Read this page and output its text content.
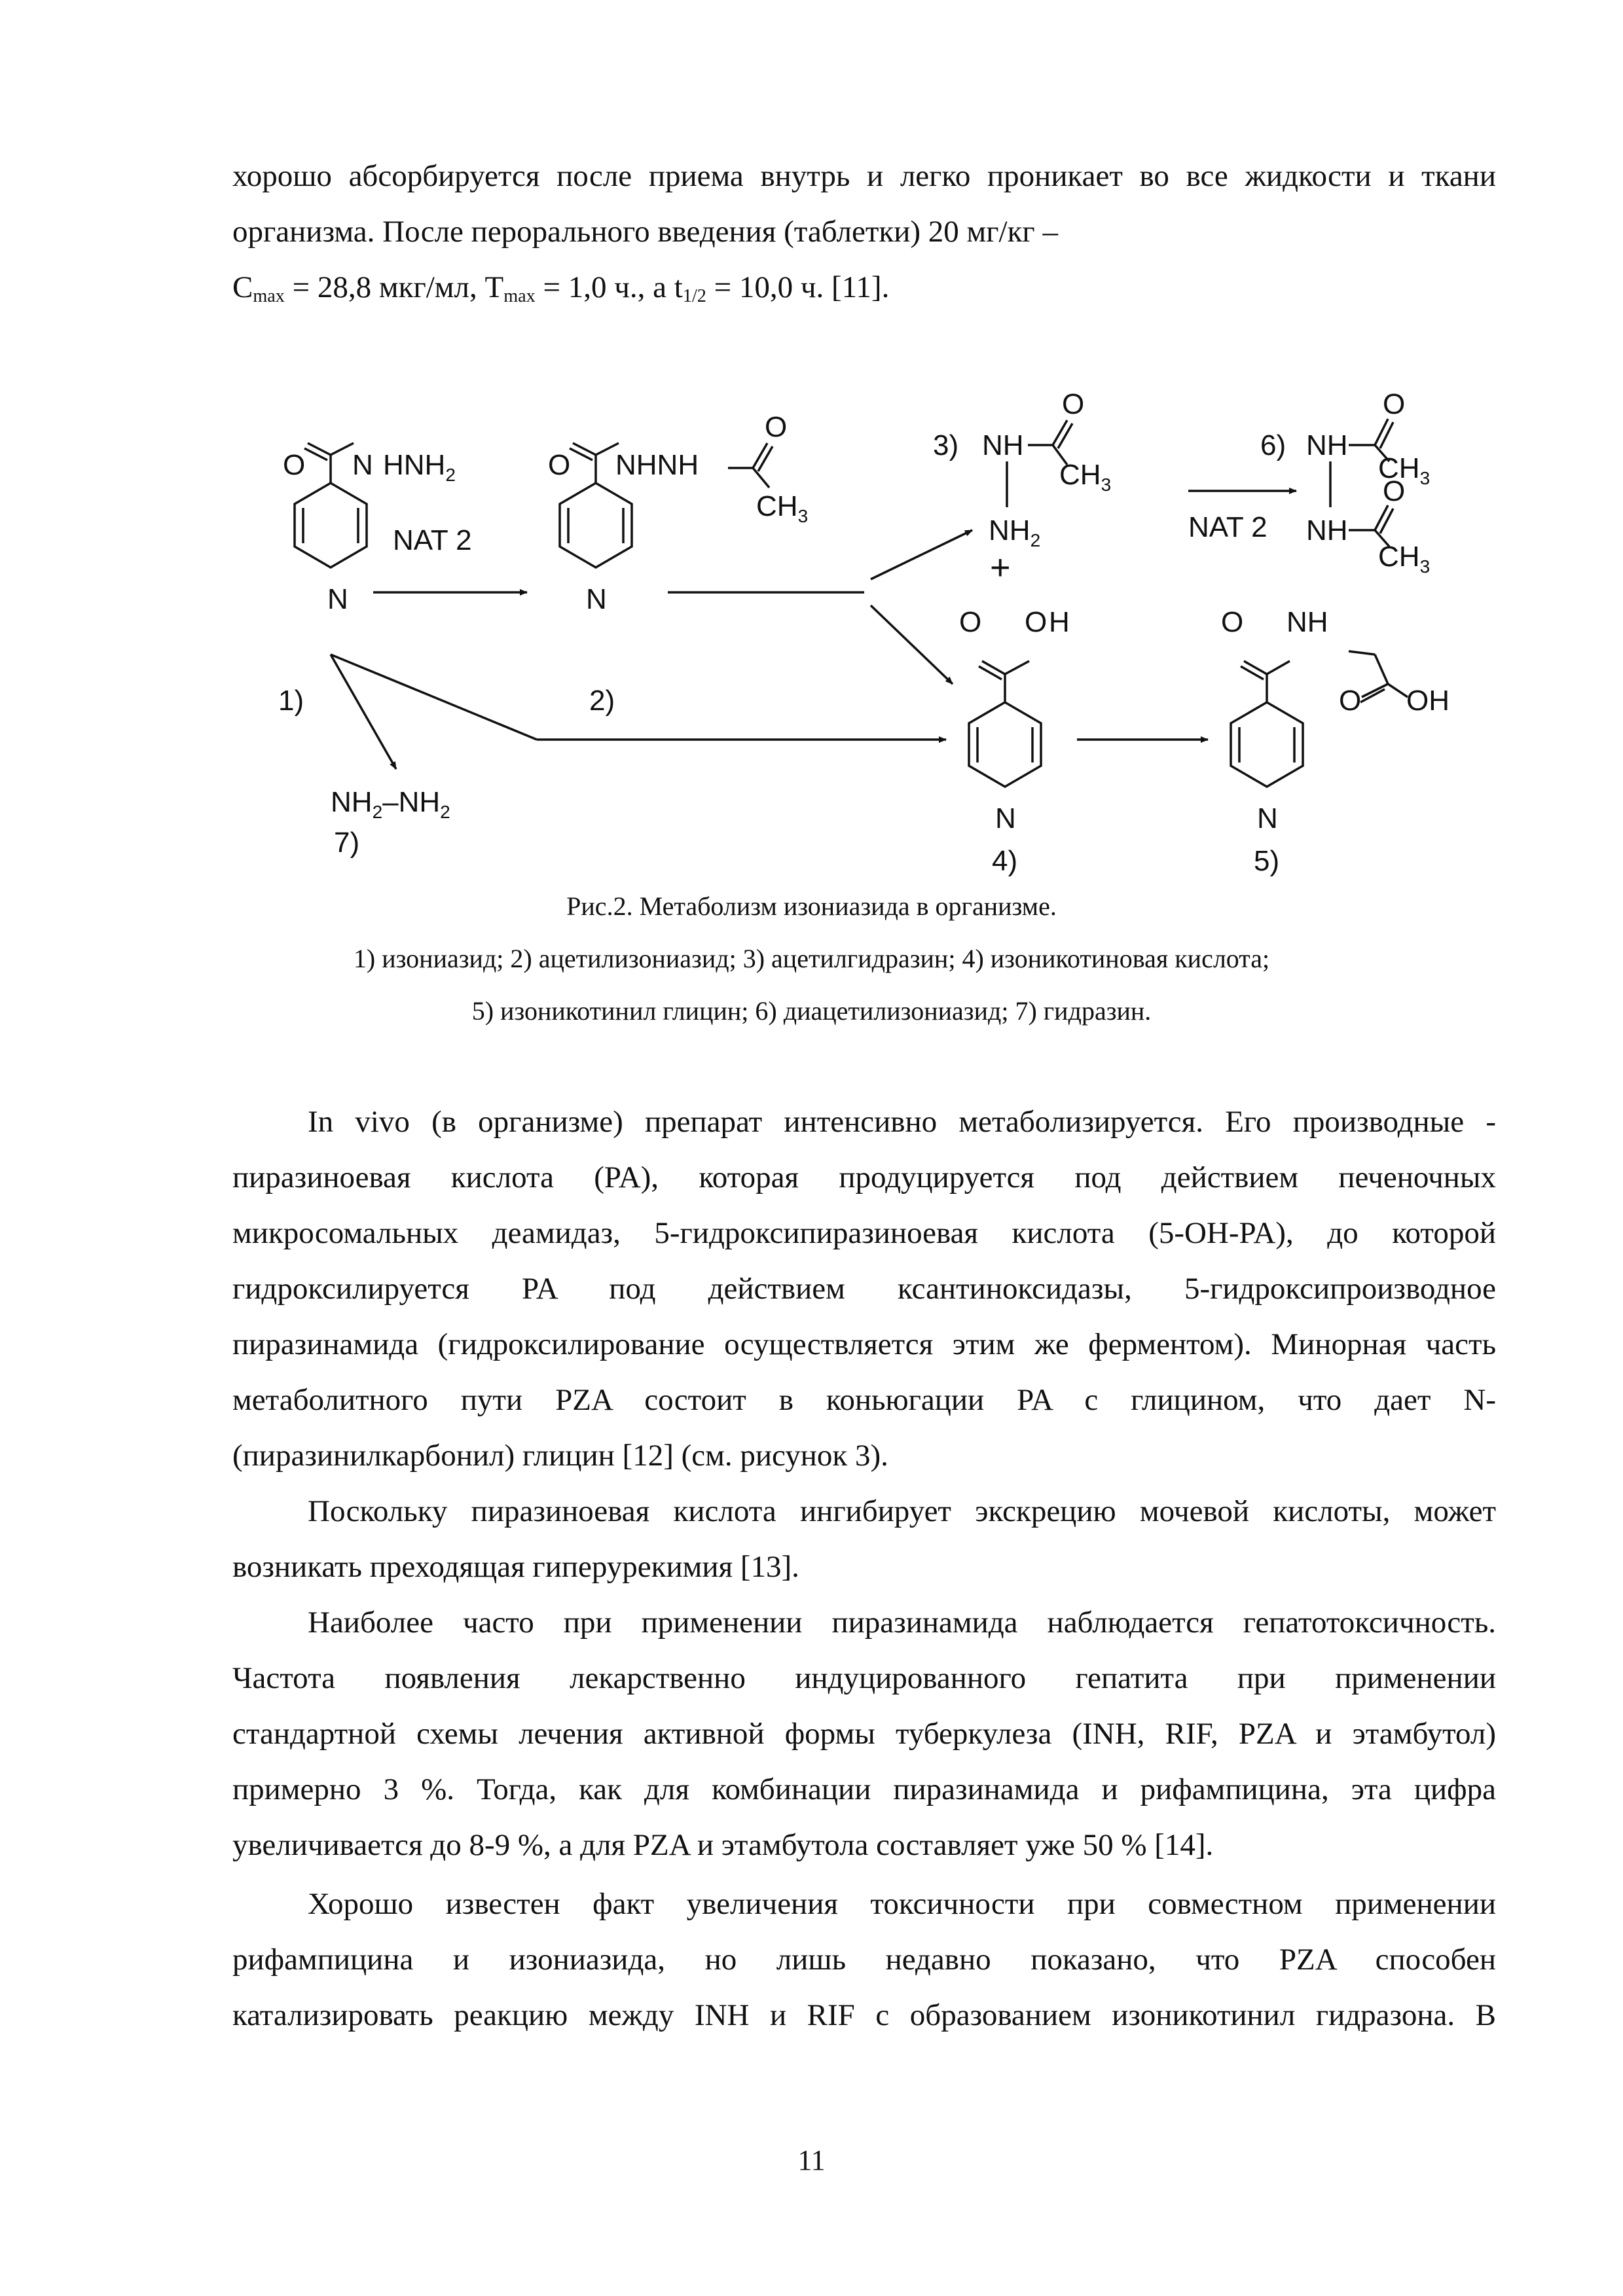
хорошо абсорбируется после приема внутрь и легко проникает во все жидкости и ткани
организма. После перорального введения (таблетки) 20 мг/кг –
$C_{max} = 28,8$ мкг/мл, $T_{max} = 1,0$ ч., а $t_{1/2} = 10,0$ ч. [11].
N
O N $HNH_2$
1)
N
O NHNH
O
$CH_3$
2)
NAT 2
3) NH
O
$CH_3$
$NH_2$
+
6) NH
O
$CH_3$
NH
O
$CH_3$
NAT 2
O O H
N
4)
O NH
O OH
N
5)
$NH_2-NH_2$
7)
Рис.2. Метаболизм изониазида в организме.
1) изониазид; 2) ацетилизониазид; 3) ацетилгидразин; 4) изоникотиновая кислота;
5) изоникотинил глицин; 6) диацетилизониазид; 7) гидразин.
In vivo (в организме) препарат интенсивно метаболизируется. Его производные -
пиразиноевая кислота (PA), которая продуцируется под действием печеночных
микросомальных деамидаз, 5-гидроксипиразиноевая кислота (5-OH-PA), до которой
гидроксилируется PA под действием ксантиноксидазы, 5-гидроксипроизводное
пиразинамида (гидроксилирование осуществляется этим же ферментом). Минорная часть
метаболитного пути PZA состоит в коньюгации PA с глицином, что дает N-
(пиразинилкарбонил) глицин [12] (см. рисунок 3).
Поскольку пиразиноевая кислота ингибирует экскрецию мочевой кислоты, может
возникать преходящая гиперурекимия [13].
Наиболее часто при применении пиразинамида наблюдается гепатотоксичность.
Частота появления лекарственно индуцированного гепатита при применении
стандартной схемы лечения активной формы туберкулеза (INH, RIF, PZA и этамбутол)
примерно 3 %. Тогда, как для комбинации пиразинамида и рифампицина, эта цифра
увеличивается до 8-9 %, а для PZA и этамбутола составляет уже 50 % [14].
Хорошо известен факт увеличения токсичности при совместном применении
рифампицина и изониазида, но лишь недавно показано, что PZA способен
катализировать реакцию между INH и RIF с образованием изоникотинил гидразона. В
11
